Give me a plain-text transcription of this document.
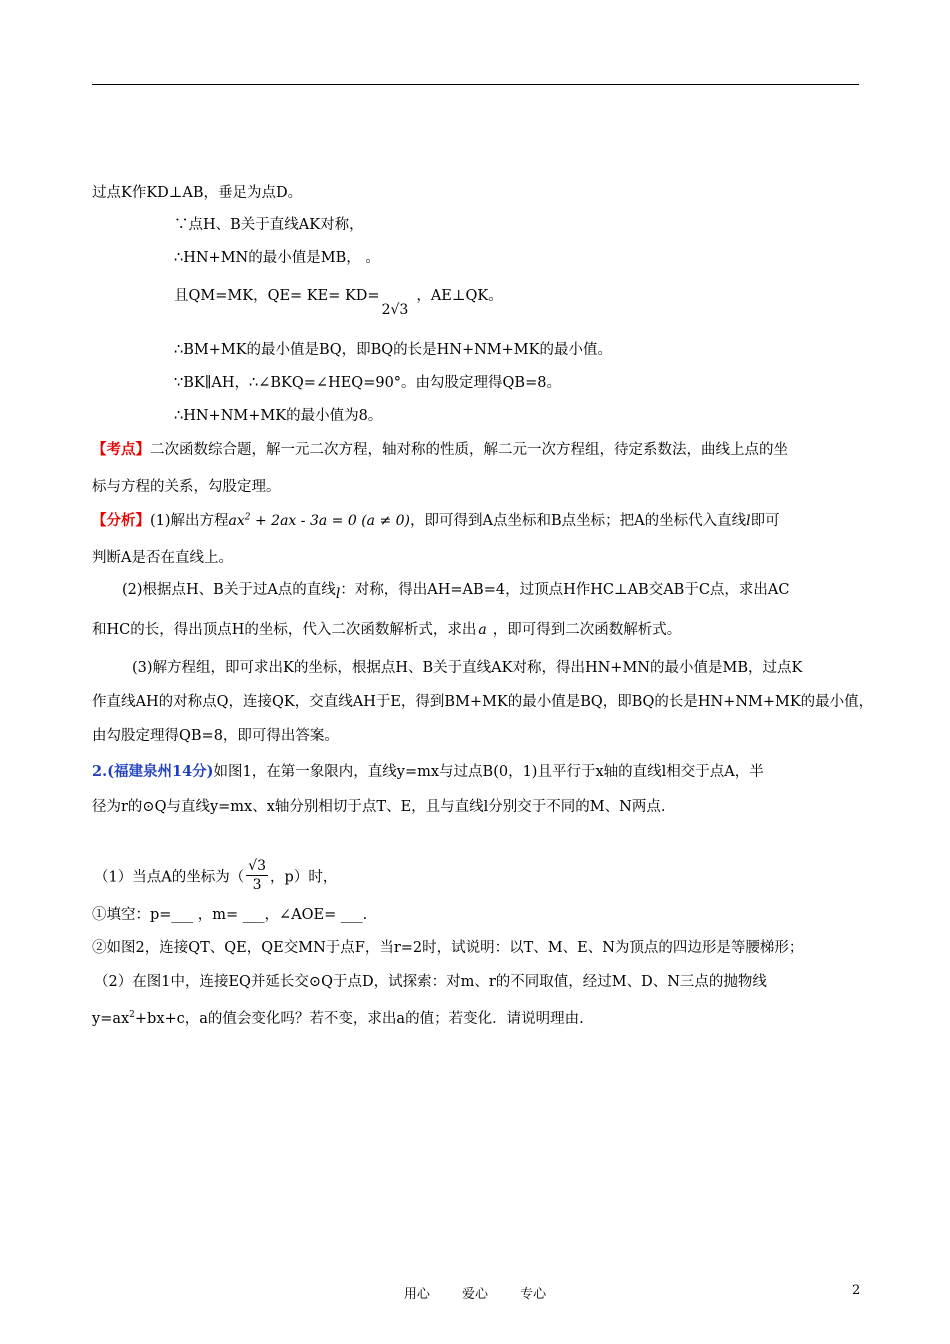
过点K作KD⊥AB，垂足为点D。
∵点H、B关于直线AK对称，
∴HN+MN的最小值是MB， 。
且QM=MK，QE= KE= KD=2√3，AE⊥QK。
∴BM+MK的最小值是BQ，即BQ的长是HN+NM+MK的最小值。
∵BK∥AH，∴∠BKQ=∠HEQ=90°。由勾股定理得QB=8。
∴HN+NM+MK的最小值为8。
【考点】二次函数综合题，解一元二次方程，轴对称的性质，解二元一次方程组，待定系数法，曲线上点的坐
标与方程的关系，勾股定理。
【分析】(1)解出方程$ax^2 + 2ax - 3a = 0$ (a ≠ 0)，即可得到A点坐标和B点坐标；把A的坐标代入直线l即可
判断A是否在直线上。
(2)根据点H、B关于过A点的直线l：对称，得出AH=AB=4，过顶点H作HC⊥AB交AB于C点，求出AC
和HC的长，得出顶点H的坐标，代入二次函数解析式，求出 a ，即可得到二次函数解析式。
(3)解方程组，即可求出K的坐标，根据点H、B关于直线AK对称，得出HN+MN的最小值是MB，过点K
作直线AH的对称点Q，连接QK，交直线AH于E，得到BM+MK的最小值是BQ，即BQ的长是HN+NM+MK的最小值，
由勾股定理得QB=8，即可得出答案。
2.(福建泉州14分)如图1，在第一象限内，直线y=mx与过点B(0，1)且平行于x轴的直线l相交于点A，半
径为r的⊙Q与直线y=mx、x轴分别相切于点T、E，且与直线l分别交于不同的M、N两点.
（1）当点A的坐标为（ $\frac{√3}{3}$ ，p）时，
①填空：p=___ ，m= ___，∠AOE= ___.
②如图2，连接QT、QE，QE交MN于点F，当r=2时，试说明：以T、M、E、N为顶点的四边形是等腰梯形；
（2）在图1中，连接EQ并延长交⊙Q于点D，试探索：对m、r的不同取值，经过M、D、N三点的抛物线
$y=ax^2+bx+c$，a的值会变化吗？若不变，求出a的值；若变化．请说明理由.
用心 爱心 专心	2
